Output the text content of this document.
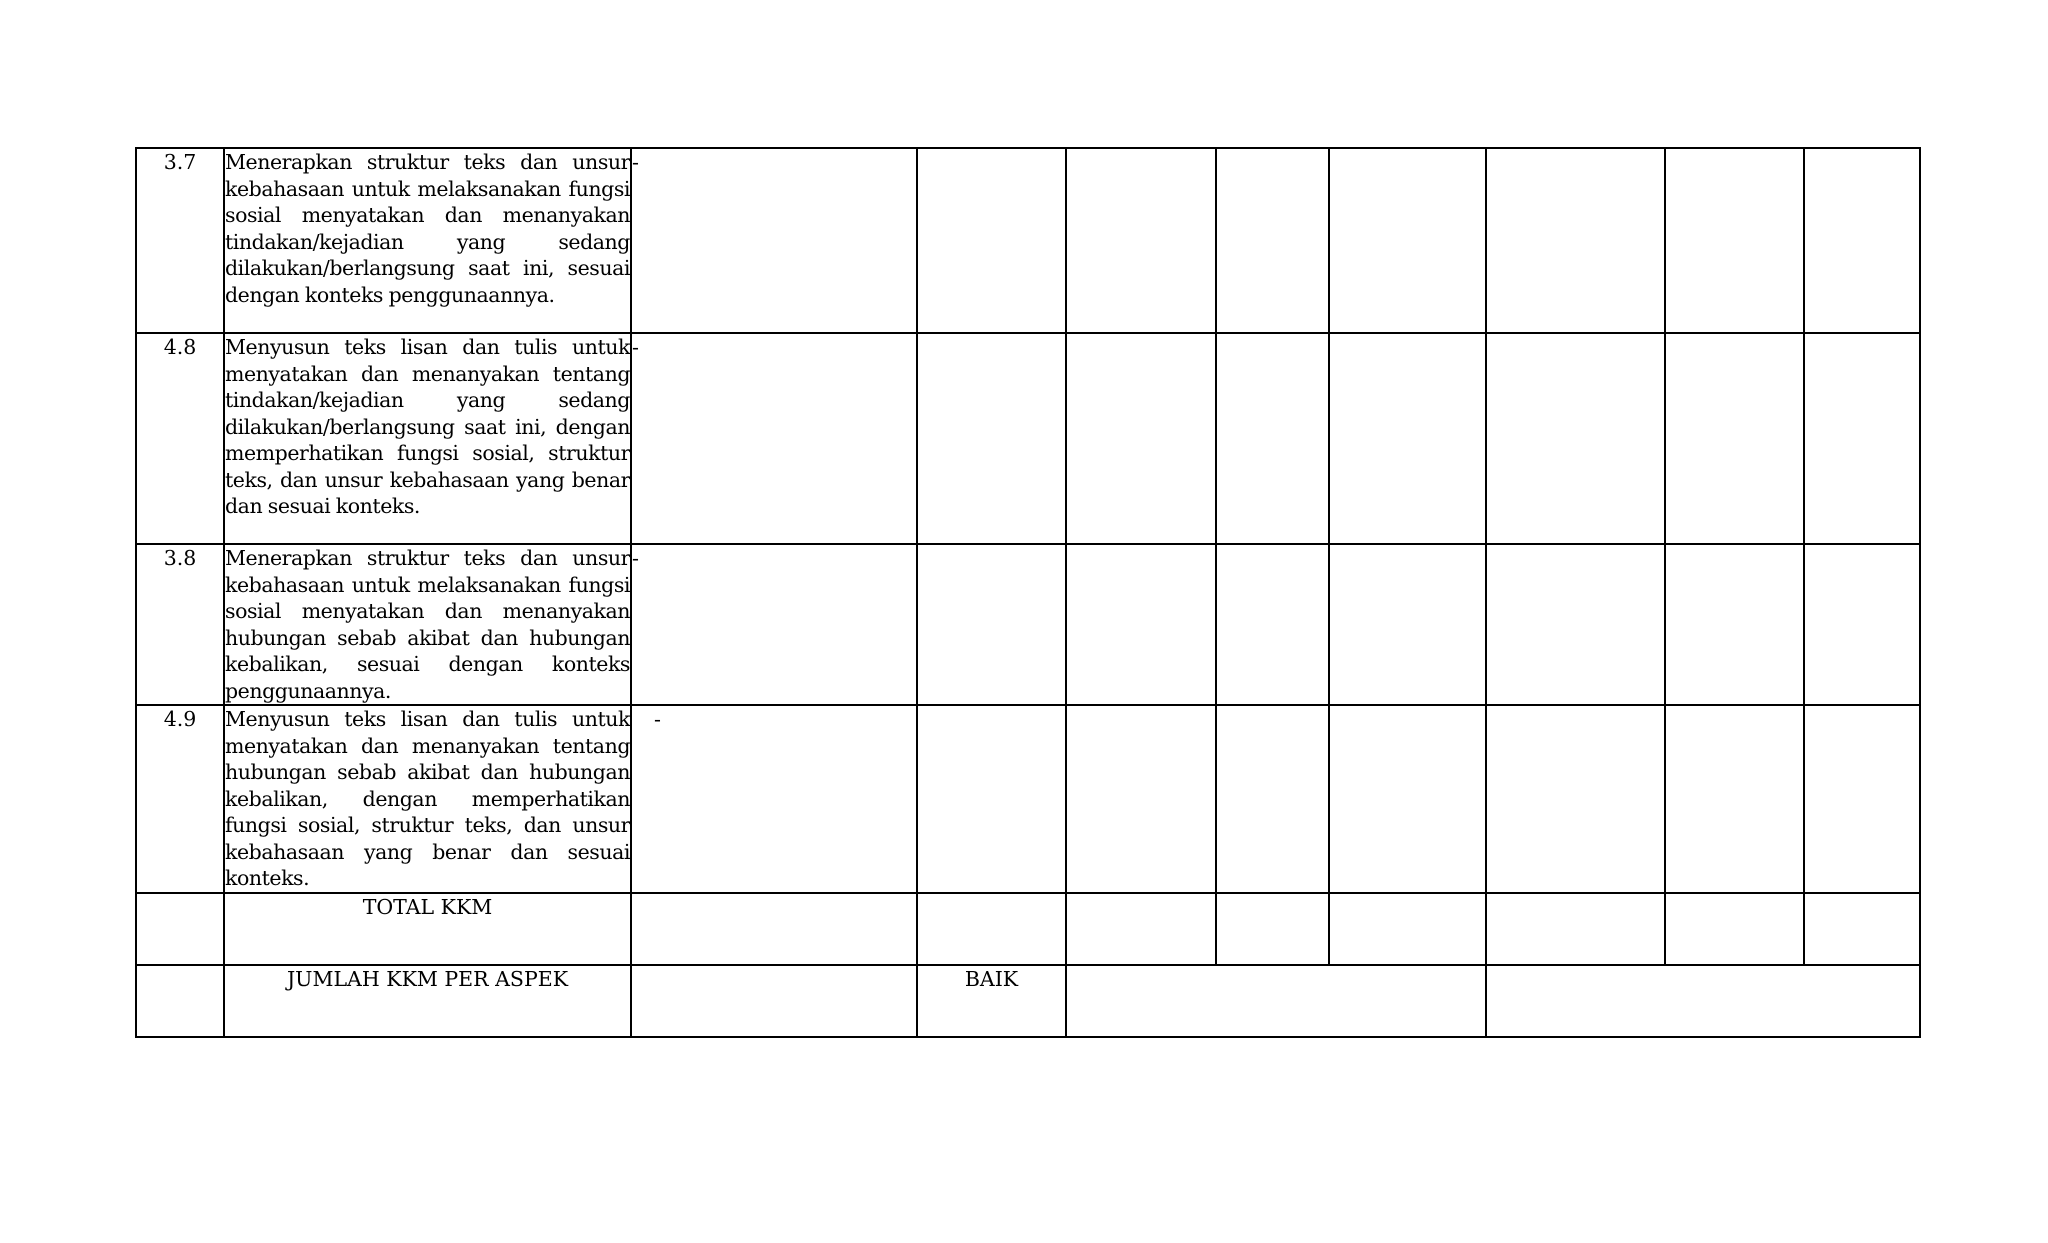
3.7	Menerapkan struktur teks dan unsur kebahasaan untuk melaksanakan fungsi sosial menyatakan dan menanyakan tindakan/kejadian yang sedang dilakukan/berlangsung saat ini, sesuai dengan konteks penggunaannya.	-							
4.8	Menyusun teks lisan dan tulis untuk menyatakan dan menanyakan tentang tindakan/kejadian yang sedang dilakukan/berlangsung saat ini, dengan memperhatikan fungsi sosial, struktur teks, dan unsur kebahasaan yang benar dan sesuai konteks.	-							
3.8	Menerapkan struktur teks dan unsur kebahasaan untuk melaksanakan fungsi sosial menyatakan dan menanyakan hubungan sebab akibat dan hubungan kebalikan, sesuai dengan konteks penggunaannya.	-							
4.9	Menyusun teks lisan dan tulis untuk menyatakan dan menanyakan tentang hubungan sebab akibat dan hubungan kebalikan, dengan memperhatikan fungsi sosial, struktur teks, dan unsur kebahasaan yang benar dan sesuai konteks.	-							
	TOTAL KKM								
	JUMLAH KKM PER ASPEK		BAIK						
